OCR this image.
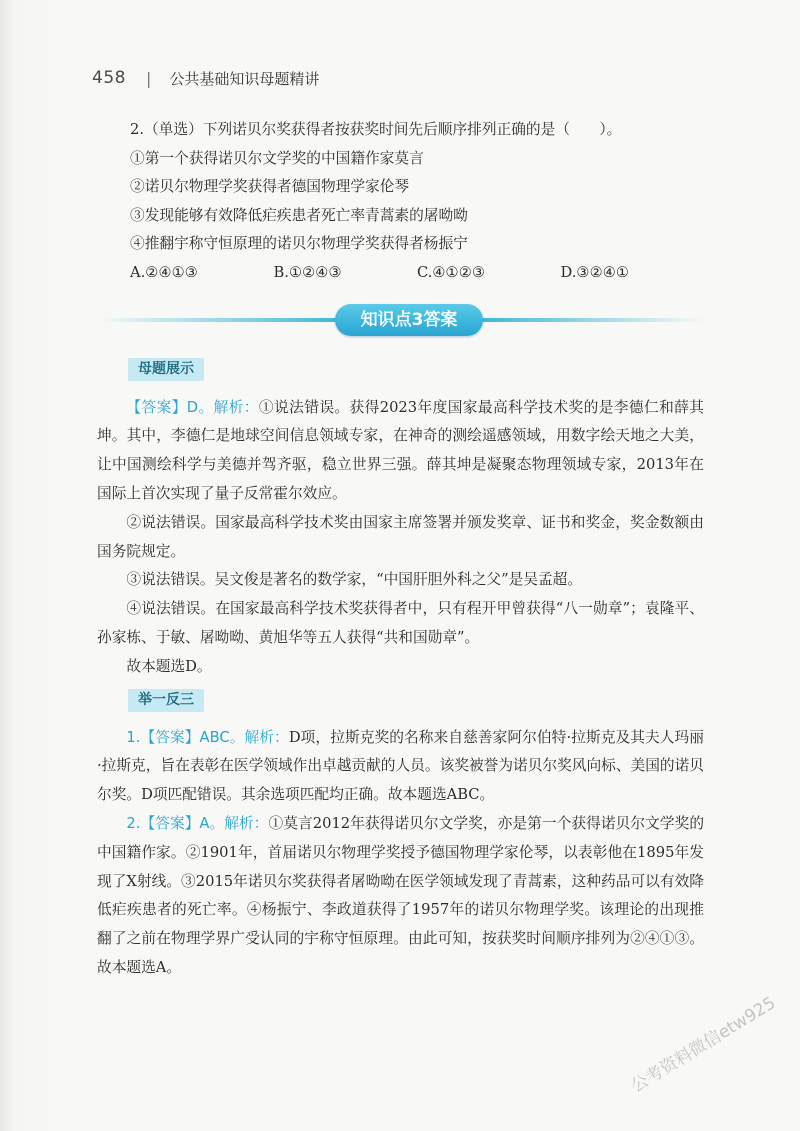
458 | 公共基础知识母题精讲

2.（单选）下列诺贝尔奖获得者按获奖时间先后顺序排列正确的是（　　）。

①第一个获得诺贝尔文学奖的中国籍作家莫言

②诺贝尔物理学奖获得者德国物理学家伦琴

③发现能够有效降低疟疾患者死亡率青蒿素的屠呦呦

④推翻宇称守恒原理的诺贝尔物理学奖获得者杨振宁

A.②④①③	B.①②④③	C.④①②③	D.③②④①
知识点3答案
母题展示

【答案】D。解析：①说法错误。获得2023年度国家最高科学技术奖的是李德仁和薛其坤。其中，李德仁是地球空间信息领域专家，在神奇的测绘遥感领域，用数字绘天地之大美，让中国测绘科学与美德并驾齐驱，稳立世界三强。薛其坤是凝聚态物理领域专家，2013年在国际上首次实现了量子反常霍尔效应。

②说法错误。国家最高科学技术奖由国家主席签署并颁发奖章、证书和奖金，奖金数额由国务院规定。

③说法错误。吴文俊是著名的数学家，“中国肝胆外科之父”是吴孟超。

④说法错误。在国家最高科学技术奖获得者中，只有程开甲曾获得“八一勋章”；袁隆平、孙家栋、于敏、屠呦呦、黄旭华等五人获得“共和国勋章”。

故本题选D。

举一反三

1.【答案】ABC。解析：D项，拉斯克奖的名称来自慈善家阿尔伯特·拉斯克及其夫人玛丽·拉斯克，旨在表彰在医学领域作出卓越贡献的人员。该奖被誉为诺贝尔奖风向标、美国的诺贝尔奖。D项匹配错误。其余选项匹配均正确。故本题选ABC。

2.【答案】A。解析：①莫言2012年获得诺贝尔文学奖，亦是第一个获得诺贝尔文学奖的中国籍作家。②1901年，首届诺贝尔物理学奖授予德国物理学家伦琴，以表彰他在1895年发现了X射线。③2015年诺贝尔奖获得者屠呦呦在医学领域发现了青蒿素，这种药品可以有效降低疟疾患者的死亡率。④杨振宁、李政道获得了1957年的诺贝尔物理学奖。该理论的出现推翻了之前在物理学界广受认同的宇称守恒原理。由此可知，按获奖时间顺序排列为②④①③。故本题选A。

公考资料微信etw925
